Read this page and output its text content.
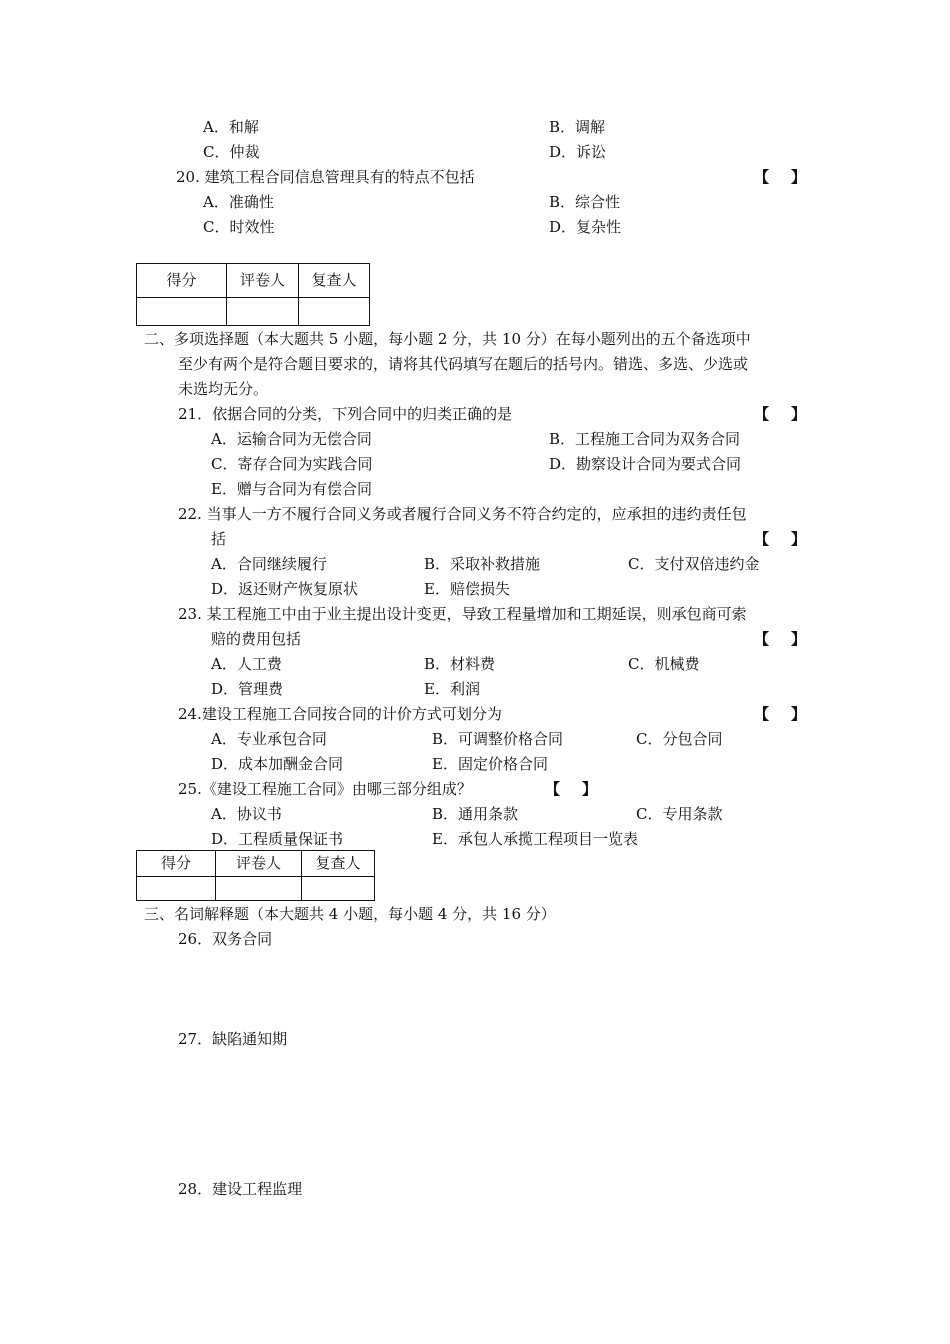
A．和解	B．调解
C．仲裁	D．诉讼
20. 建筑工程合同信息管理具有的特点不包括	【 】
A．准确性	B．综合性
C．时效性	D．复杂性
得分	评卷人	复查人

二、多项选择题（本大题共 5 小题，每小题 2 分，共 10 分）在每小题列出的五个备选项中
至少有两个是符合题目要求的，请将其代码填写在题后的括号内。错选、多选、少选或
未选均无分。
21．依据合同的分类，下列合同中的归类正确的是	【 】
A．运输合同为无偿合同	B．工程施工合同为双务合同
C．寄存合同为实践合同	D．勘察设计合同为要式合同
E．赠与合同为有偿合同
22. 当事人一方不履行合同义务或者履行合同义务不符合约定的，应承担的违约责任包
括	【 】
A．合同继续履行	B．采取补救措施	C．支付双倍违约金
D．返还财产恢复原状	E．赔偿损失
23. 某工程施工中由于业主提出设计变更，导致工程量增加和工期延误，则承包商可索
赔的费用包括	【 】
A．人工费	B．材料费	C．机械费
D．管理费	E．利润
24.建设工程施工合同按合同的计价方式可划分为	【 】
A．专业承包合同	B．可调整价格合同	C．分包合同
D．成本加酬金合同	E．固定价格合同
25.《建设工程施工合同》由哪三部分组成？	【 】
A．协议书	B．通用条款	C．专用条款
D．工程质量保证书	E．承包人承揽工程项目一览表
得分	评卷人	复查人

三、名词解释题（本大题共 4 小题，每小题 4 分，共 16 分）
26．双务合同
27．缺陷通知期
28．建设工程监理
